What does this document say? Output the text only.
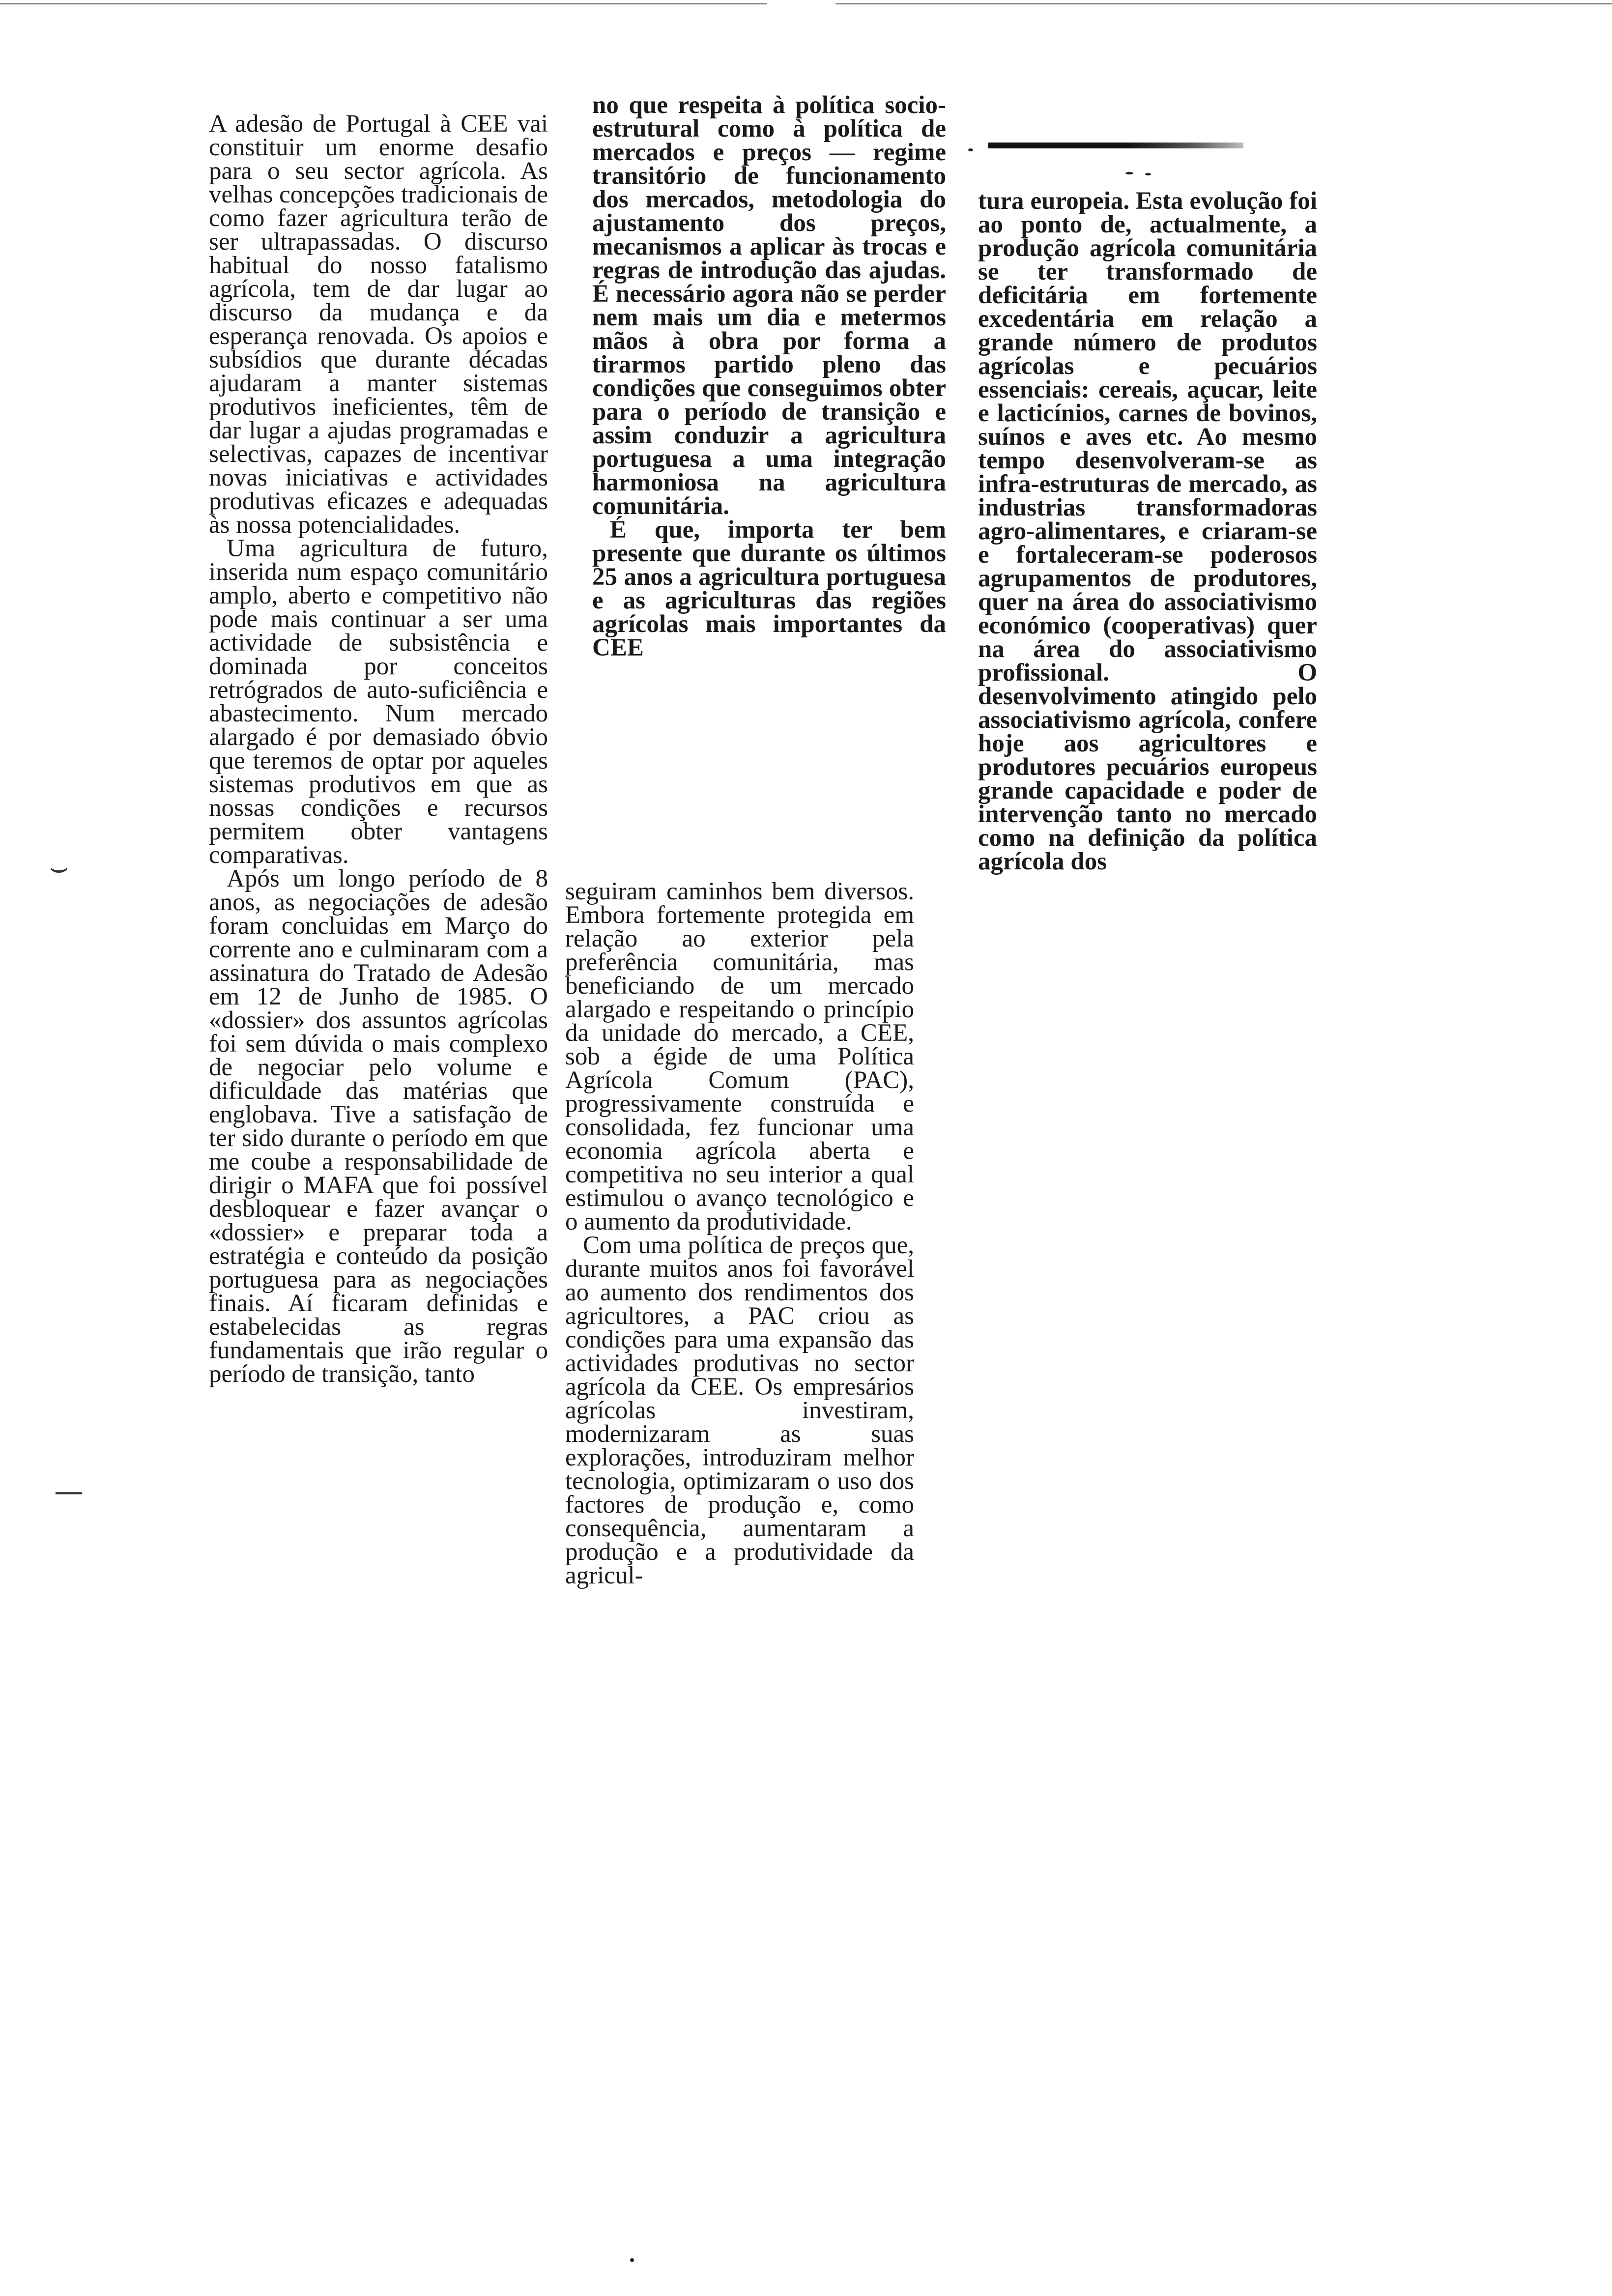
A adesão de Portugal à CEE vai constituir um enorme desafio para o seu sector agrícola. As velhas concepções tradicionais de como fazer agricultura terão de ser ultrapassadas. O discurso habitual do nosso fatalismo agrícola, tem de dar lugar ao discurso da mudança e da esperança renovada. Os apoios e subsídios que durante décadas ajudaram a manter sistemas produtivos ineficientes, têm de dar lugar a ajudas programadas e selectivas, capazes de incentivar novas iniciativas e actividades produtivas eficazes e adequadas às nossa potencialidades.

Uma agricultura de futuro, inserida num espaço comunitário amplo, aberto e competitivo não pode mais continuar a ser uma actividade de subsistência e dominada por conceitos retrógrados de auto-suficiência e abastecimento. Num mercado alargado é por demasiado óbvio que teremos de optar por aqueles sistemas produtivos em que as nossas condições e recursos permitem obter vantagens comparativas.

Após um longo período de 8 anos, as negociações de adesão foram concluidas em Março do corrente ano e culminaram com a assinatura do Tratado de Adesão em 12 de Junho de 1985. O «dossier» dos assuntos agrícolas foi sem dúvida o mais complexo de negociar pelo volume e dificuldade das matérias que englobava. Tive a satisfação de ter sido durante o período em que me coube a responsabilidade de dirigir o MAFA que foi possível desbloquear e fazer avançar o «dossier» e preparar toda a estratégia e conteúdo da posição portuguesa para as negociações finais. Aí ficaram definidas e estabelecidas as regras fundamentais que irão regular o período de transição, tanto

no que respeita à política socio-estrutural como à política de mercados e preços — regime transitório de funcionamento dos mercados, metodologia do ajustamento dos preços, mecanismos a aplicar às trocas e regras de introdução das ajudas. É necessário agora não se perder nem mais um dia e metermos mãos à obra por forma a tirarmos partido pleno das condições que conseguimos obter para o período de transição e assim conduzir a agricultura portuguesa a uma integração harmoniosa na agricultura comunitária.

É que, importa ter bem presente que durante os últimos 25 anos a agricultura portuguesa e as agriculturas das regiões agrícolas mais importantes da CEE

seguiram caminhos bem diversos. Embora fortemente protegida em relação ao exterior pela preferência comunitária, mas beneficiando de um mercado alargado e respeitando o princípio da unidade do mercado, a CEE, sob a égide de uma Política Agrícola Comum (PAC), progressivamente construída e consolidada, fez funcionar uma economia agrícola aberta e competitiva no seu interior a qual estimulou o avanço tecnológico e o aumento da produtividade.

Com uma política de preços que, durante muitos anos foi favorável ao aumento dos rendimentos dos agricultores, a PAC criou as condições para uma expansão das actividades produtivas no sector agrícola da CEE. Os empresários agrícolas investiram, modernizaram as suas explorações, introduziram melhor tecnologia, optimizaram o uso dos factores de produção e, como consequência, aumentaram a produção e a produtividade da agricul-

tura europeia. Esta evolução foi ao ponto de, actualmente, a produção agrícola comunitária se ter transformado de deficitária em fortemente excedentária em relação a grande número de produtos agrícolas e pecuários essenciais: cereais, açucar, leite e lacticínios, carnes de bovinos, suínos e aves etc. Ao mesmo tempo desenvolveram-se as infra-estruturas de mercado, as industrias transformadoras agro-alimentares, e criaram-se e fortaleceram-se poderosos agrupamentos de produtores, quer na área do associativismo económico (cooperativas) quer na área do associativismo profissional. O desenvolvimento atingido pelo associativismo agrícola, confere hoje aos agricultores e produtores pecuários europeus grande capacidade e poder de intervenção tanto no mercado como na definição da política agrícola dos

⌣
—
